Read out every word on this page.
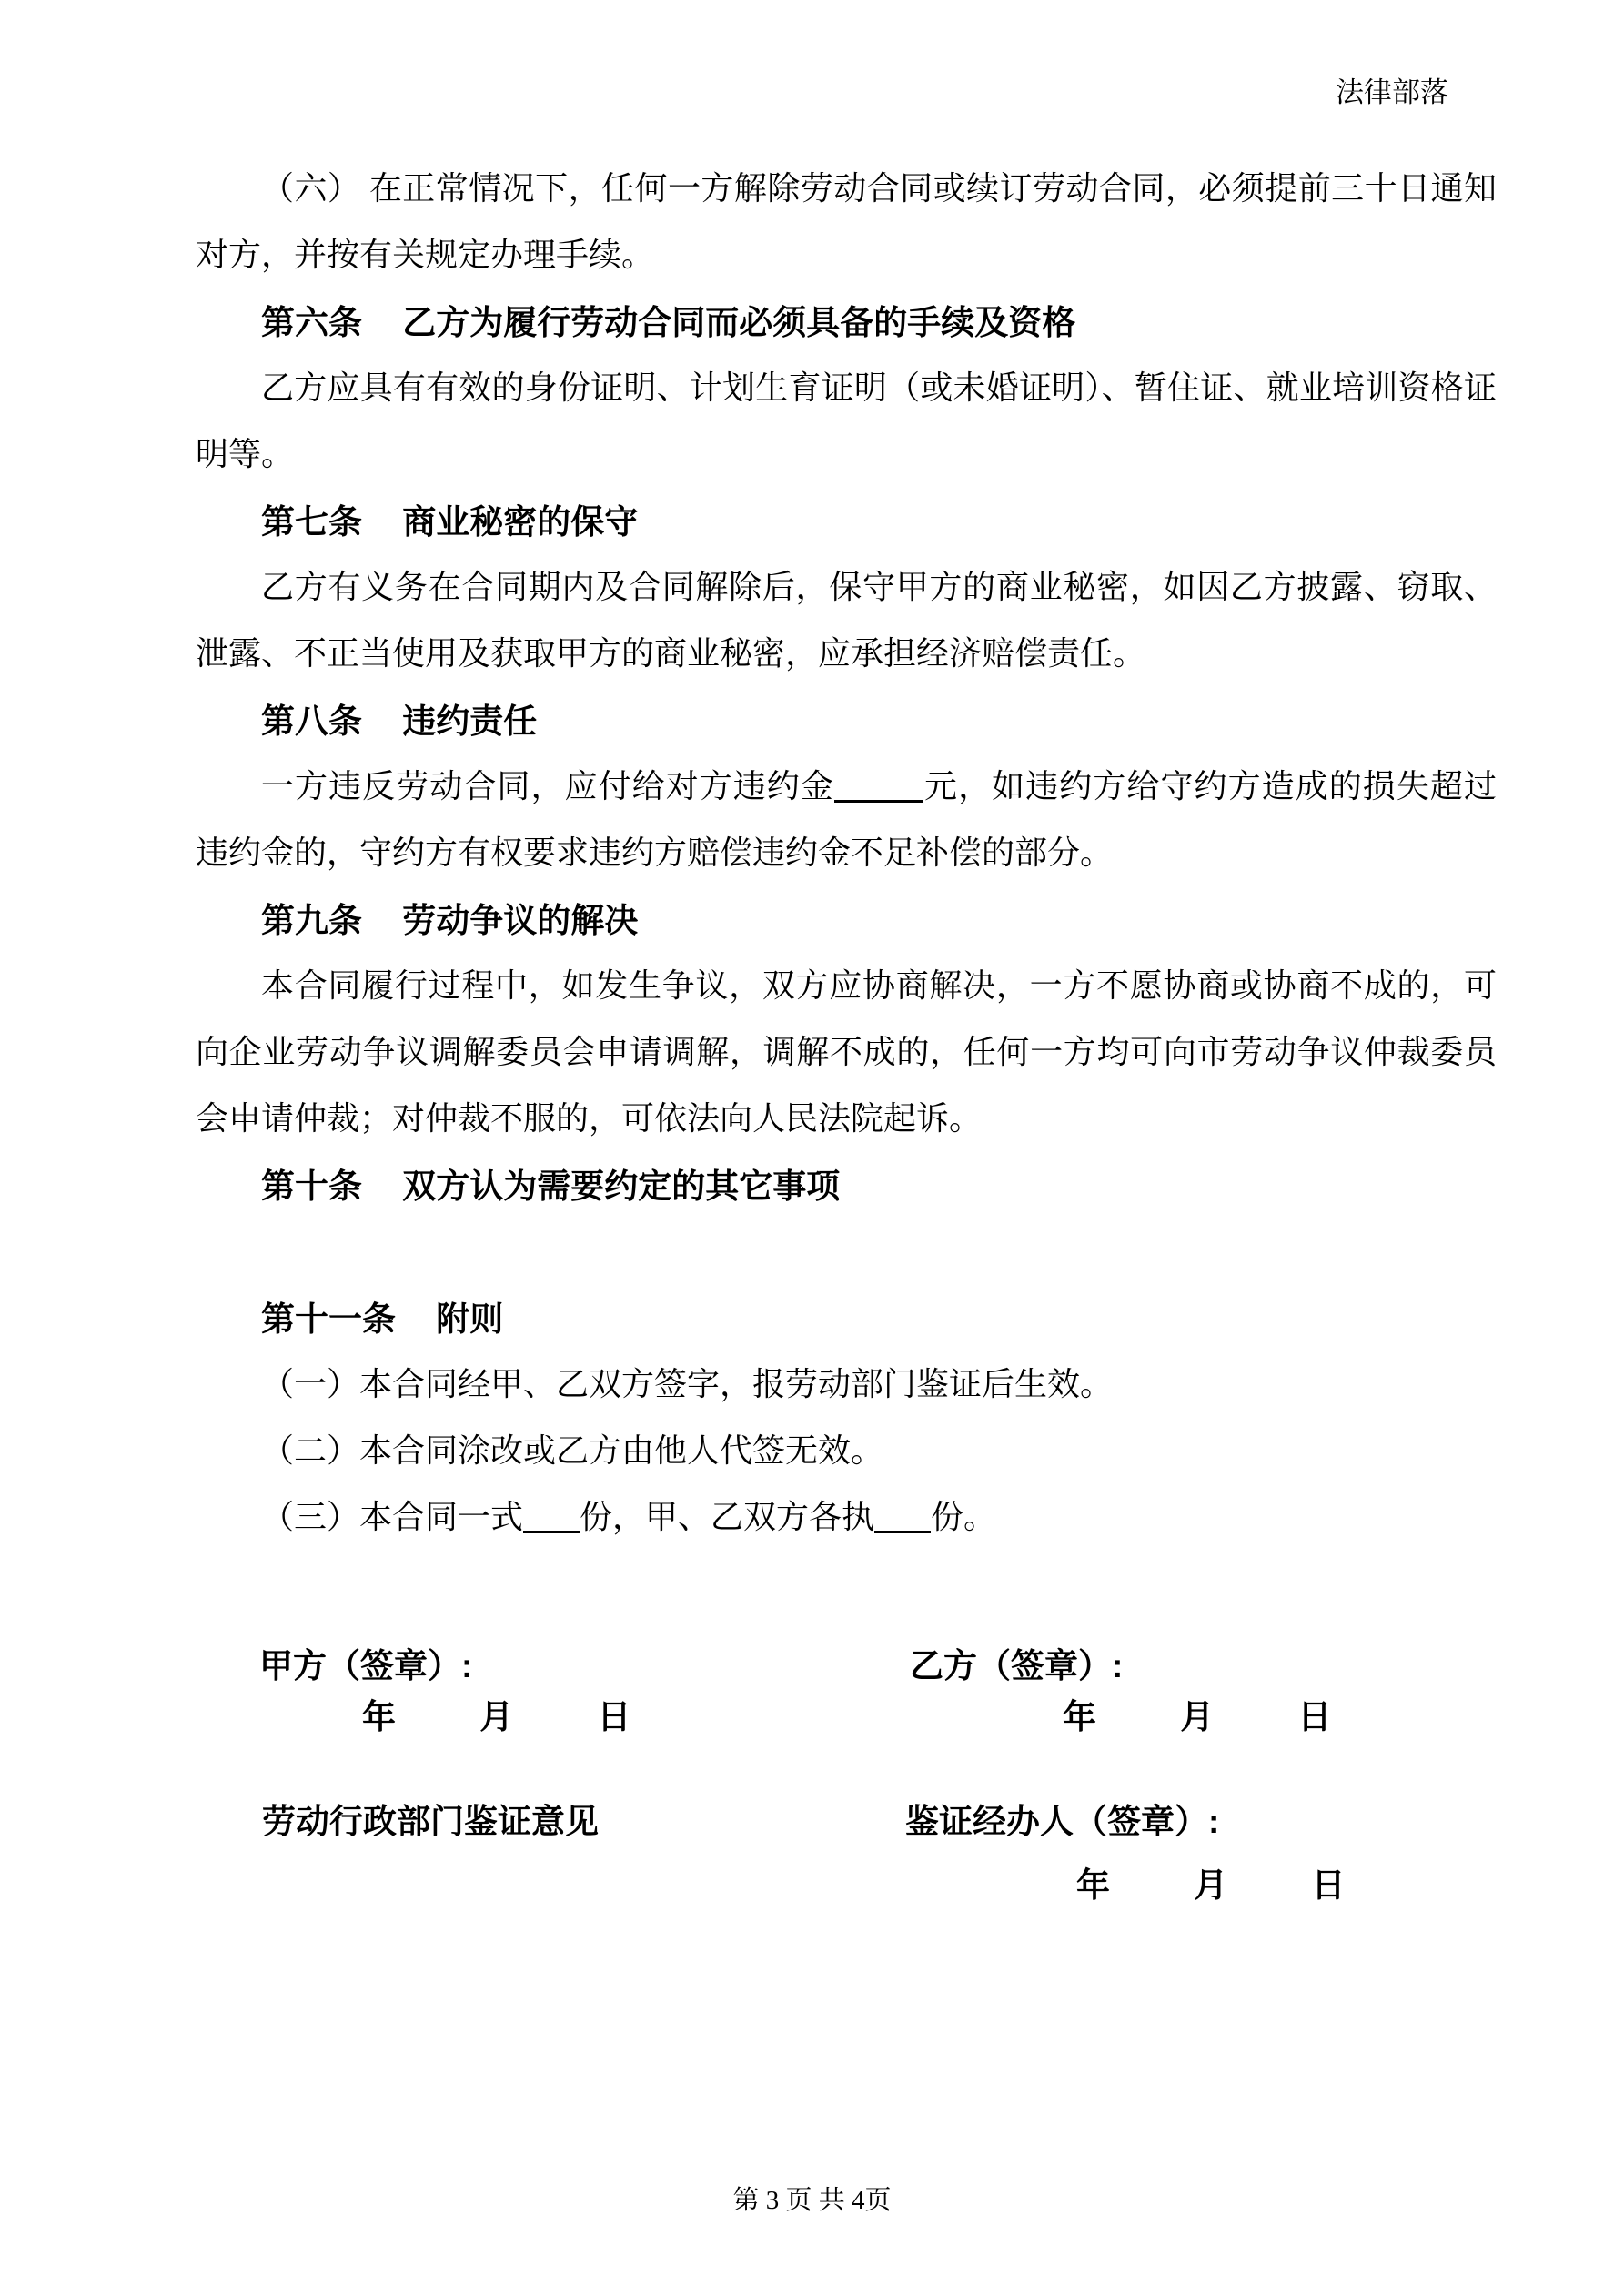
法律部落

（六） 在正常情况下，任何一方解除劳动合同或续订劳动合同，必须提前三十日通知对方，并按有关规定办理手续。

第六条 乙方为履行劳动合同而必须具备的手续及资格

乙方应具有有效的身份证明、计划生育证明（或未婚证明）、暂住证、就业培训资格证明等。

第七条 商业秘密的保守

乙方有义务在合同期内及合同解除后，保守甲方的商业秘密，如因乙方披露、窃取、泄露、不正当使用及获取甲方的商业秘密，应承担经济赔偿责任。

第八条 违约责任

一方违反劳动合同，应付给对方违约金	元，如违约方给守约方造成的损失超过违约金的，守约方有权要求违约方赔偿违约金不足补偿的部分。

第九条 劳动争议的解决

本合同履行过程中，如发生争议，双方应协商解决，一方不愿协商或协商不成的，可向企业劳动争议调解委员会申请调解，调解不成的，任何一方均可向市劳动争议仲裁委员会申请仲裁；对仲裁不服的，可依法向人民法院起诉。

第十条 双方认为需要约定的其它事项
第十一条 附则

（一）本合同经甲、乙双方签字，报劳动部门鉴证后生效。

（二）本合同涂改或乙方由他人代签无效。

（三）本合同一式 份，甲、乙双方各执 份。

甲方（签章）:	乙方（签章）:
年 月 日	年 月 日
劳动行政部门鉴证意见	鉴证经办人（签章）:
年 月 日
第 3 页 共 4页
